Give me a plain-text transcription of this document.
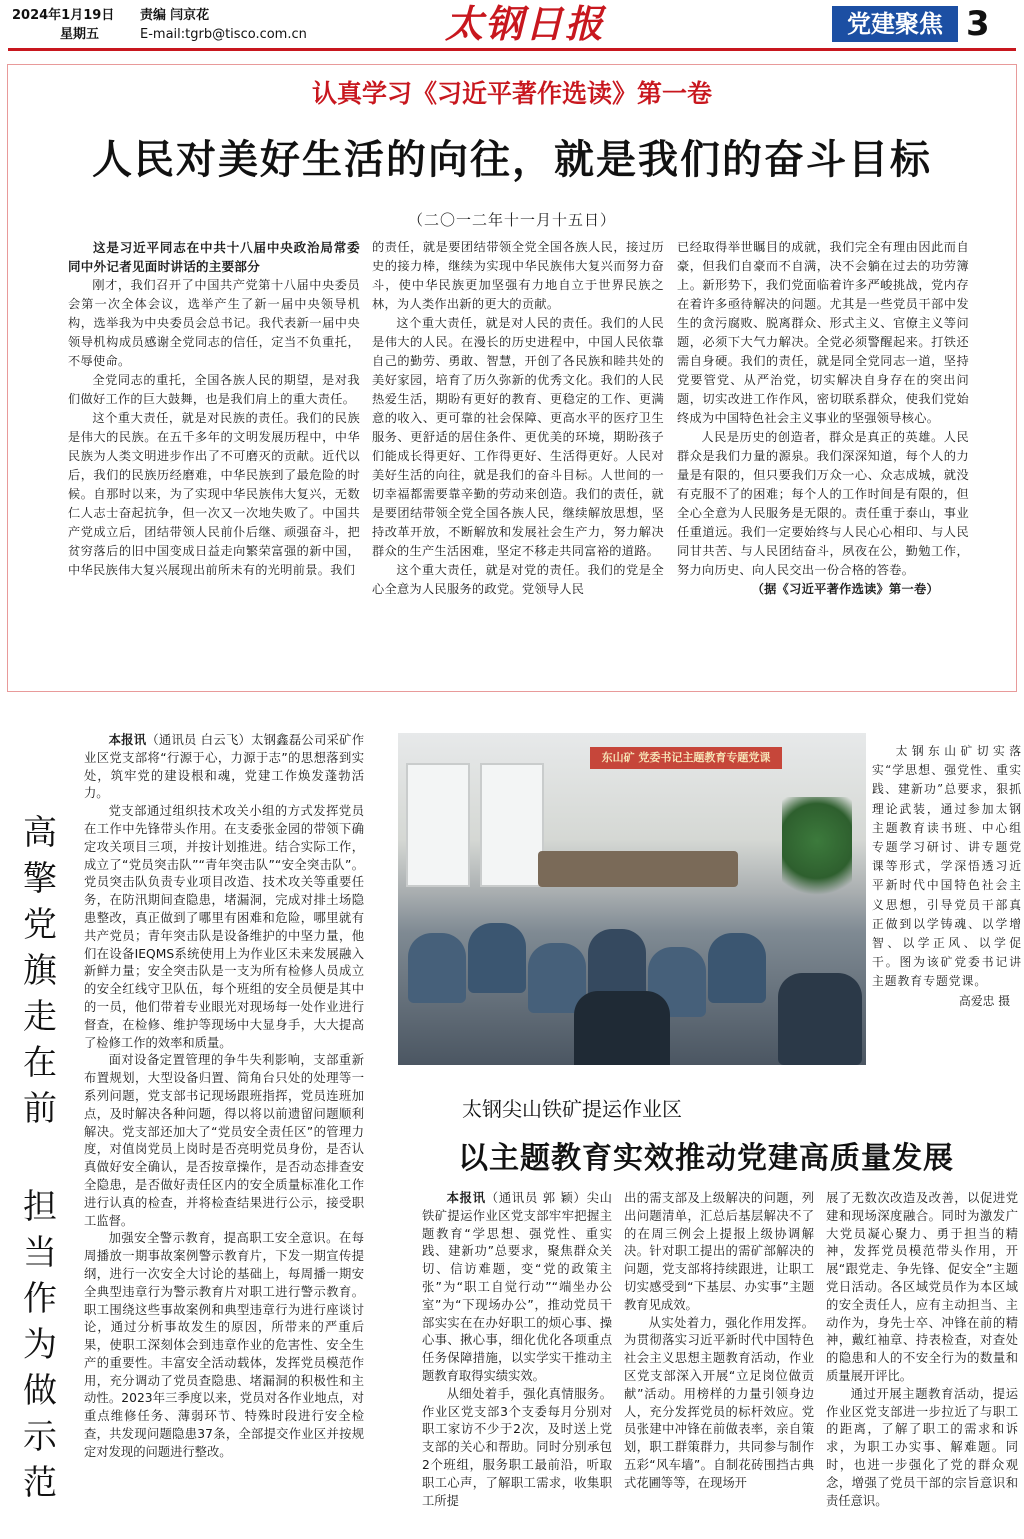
2024年1月19日
星期五
责编 闫京花
E-mail:tgrb@tisco.com.cn	太钢日报	党建聚焦 3
认真学习《习近平著作选读》第一卷
人民对美好生活的向往，就是我们的奋斗目标
（二〇一二年十一月十五日）

这是习近平同志在中共十八届中央政治局常委同中外记者见面时讲话的主要部分

刚才，我们召开了中国共产党第十八届中央委员会第一次全体会议，选举产生了新一届中央领导机构，选举我为中央委员会总书记。我代表新一届中央领导机构成员感谢全党同志的信任，定当不负重托，不辱使命。

全党同志的重托，全国各族人民的期望，是对我们做好工作的巨大鼓舞，也是我们肩上的重大责任。

这个重大责任，就是对民族的责任。我们的民族是伟大的民族。在五千多年的文明发展历程中，中华民族为人类文明进步作出了不可磨灭的贡献。近代以后，我们的民族历经磨难，中华民族到了最危险的时候。自那时以来，为了实现中华民族伟大复兴，无数仁人志士奋起抗争，但一次又一次地失败了。中国共产党成立后，团结带领人民前仆后继、顽强奋斗，把贫穷落后的旧中国变成日益走向繁荣富强的新中国，中华民族伟大复兴展现出前所未有的光明前景。我们

的责任，就是要团结带领全党全国各族人民，接过历史的接力棒，继续为实现中华民族伟大复兴而努力奋斗，使中华民族更加坚强有力地自立于世界民族之林，为人类作出新的更大的贡献。

这个重大责任，就是对人民的责任。我们的人民是伟大的人民。在漫长的历史进程中，中国人民依靠自己的勤劳、勇敢、智慧，开创了各民族和睦共处的美好家园，培育了历久弥新的优秀文化。我们的人民热爱生活，期盼有更好的教育、更稳定的工作、更满意的收入、更可靠的社会保障、更高水平的医疗卫生服务、更舒适的居住条件、更优美的环境，期盼孩子们能成长得更好、工作得更好、生活得更好。人民对美好生活的向往，就是我们的奋斗目标。人世间的一切幸福都需要靠辛勤的劳动来创造。我们的责任，就是要团结带领全党全国各族人民，继续解放思想，坚持改革开放，不断解放和发展社会生产力，努力解决群众的生产生活困难，坚定不移走共同富裕的道路。

这个重大责任，就是对党的责任。我们的党是全心全意为人民服务的政党。党领导人民

已经取得举世瞩目的成就，我们完全有理由因此而自豪，但我们自豪而不自满，决不会躺在过去的功劳簿上。新形势下，我们党面临着许多严峻挑战，党内存在着许多亟待解决的问题。尤其是一些党员干部中发生的贪污腐败、脱离群众、形式主义、官僚主义等问题，必须下大气力解决。全党必须警醒起来。打铁还需自身硬。我们的责任，就是同全党同志一道，坚持党要管党、从严治党，切实解决自身存在的突出问题，切实改进工作作风，密切联系群众，使我们党始终成为中国特色社会主义事业的坚强领导核心。

人民是历史的创造者，群众是真正的英雄。人民群众是我们力量的源泉。我们深深知道，每个人的力量是有限的，但只要我们万众一心、众志成城，就没有克服不了的困难；每个人的工作时间是有限的，但全心全意为人民服务是无限的。责任重于泰山，事业任重道远。我们一定要始终与人民心心相印、与人民同甘共苦、与人民团结奋斗，夙夜在公，勤勉工作，努力向历史、向人民交出一份合格的答卷。

（据《习近平著作选读》第一卷）

高
擎
党
旗
走
在
前
担
当
作
为
做
示
范

本报讯（通讯员 白云飞）太钢鑫磊公司采矿作业区党支部将“行源于心，力源于志”的思想落到实处，筑牢党的建设根和魂，党建工作焕发蓬勃活力。

党支部通过组织技术攻关小组的方式发挥党员在工作中先锋带头作用。在支委张金园的带领下确定攻关项目三项，并按计划推进。结合实际工作，成立了“党员突击队”“青年突击队”“安全突击队”。党员突击队负责专业项目改造、技术攻关等重要任务，在防汛期间查隐患，堵漏洞，完成对排土场隐患整改，真正做到了哪里有困难和危险，哪里就有共产党员；青年突击队是设备维护的中坚力量，他们在设备IEQMS系统使用上为作业区未来发展融入新鲜力量；安全突击队是一支为所有检修人员成立的安全红线守卫队伍，每个班组的安全员便是其中的一员，他们带着专业眼光对现场每一处作业进行督查，在检修、维护等现场中大显身手，大大提高了检修工作的效率和质量。

面对设备定置管理的争牛失利影响，支部重新布置规划，大型设备归置、简角台只处的处理等一系列问题，党支部书记现场跟班指挥，党员连班加点，及时解决各种问题，得以将以前遗留问题顺利解决。党支部还加大了“党员安全责任区”的管理力度，对值岗党员上岗时是否亮明党员身份，是否认真做好安全确认，是否按章操作，是否动态排查安全隐患，是否做好责任区内的安全质量标准化工作进行认真的检查，并将检查结果进行公示，接受职工监督。

加强安全警示教育，提高职工安全意识。在每周播放一期事故案例警示教育片，下发一期宣传提纲，进行一次安全大讨论的基础上，每周播一期安全典型违章行为警示教育片对职工进行警示教育。职工围绕这些事故案例和典型违章行为进行座谈讨论，通过分析事故发生的原因，所带来的严重后果，使职工深刻体会到违章作业的危害性、安全生产的重要性。丰富安全活动载体，发挥党员模范作用，充分调动了党员查隐患、堵漏洞的积极性和主动性。2023年三季度以来，党员对各作业地点，对重点维修任务、薄弱环节、特殊时段进行安全检查，共发现问题隐患37条，全部提交作业区并按规定对发现的问题进行整改。

东山矿 党委书记主题教育专题党课	太钢东山矿切实落实“学思想、强党性、重实践、建新功”总要求，狠抓理论武装，通过参加太钢主题教育读书班、中心组专题学习研讨、讲专题党课等形式，学深悟透习近平新时代中国特色社会主义思想，引导党员干部真正做到以学铸魂、以学增智、以学正风、以学促干。图为该矿党委书记讲主题教育专题党课。

高爱忠 摄

太钢尖山铁矿提运作业区
以主题教育实效推动党建高质量发展

本报讯（通讯员 郭 颖）尖山铁矿提运作业区党支部牢牢把握主题教育“学思想、强党性、重实践、建新功”总要求，聚焦群众关切、信访难题，变“党的政策主张”为“职工自觉行动”“端坐办公室”为“下现场办公”，推动党员干部实实在在办好职工的烦心事、操心事、揪心事，细化优化各项重点任务保障措施，以实学实干推动主题教育取得实绩实效。

从细处着手，强化真情服务。作业区党支部3个支委每月分别对职工家访不少于2次，及时送上党支部的关心和帮助。同时分别承包2个班组，服务职工最前沿，听取职工心声，了解职工需求，收集职工所提

出的需支部及上级解决的问题，列出问题清单，汇总后基层解决不了的在周三例会上提报上级协调解决。针对职工提出的需矿部解决的问题，党支部将持续跟进，让职工切实感受到“下基层、办实事”主题教育见成效。

从实处着力，强化作用发挥。为贯彻落实习近平新时代中国特色社会主义思想主题教育活动，作业区党支部深入开展“立足岗位做贡献”活动。用榜样的力量引领身边人，充分发挥党员的标杆效应。党员张建中冲锋在前做表率，亲自策划，职工群策群力，共同参与制作五彩“风车墙”。自制花砖围挡古典式花圃等等，在现场开

展了无数次改造及改善，以促进党建和现场深度融合。同时为激发广大党员凝心聚力、勇于担当的精神，发挥党员模范带头作用，开展“跟党走、争先锋、促安全”主题党日活动。各区域党员作为本区域的安全责任人，应有主动担当、主动作为，身先士卒、冲锋在前的精神，戴红袖章、持表检查，对查处的隐患和人的不安全行为的数量和质量展开评比。

通过开展主题教育活动，提运作业区党支部进一步拉近了与职工的距离，了解了职工的需求和诉求，为职工办实事、解难题。同时，也进一步强化了党的群众观念，增强了党员干部的宗旨意识和责任意识。
